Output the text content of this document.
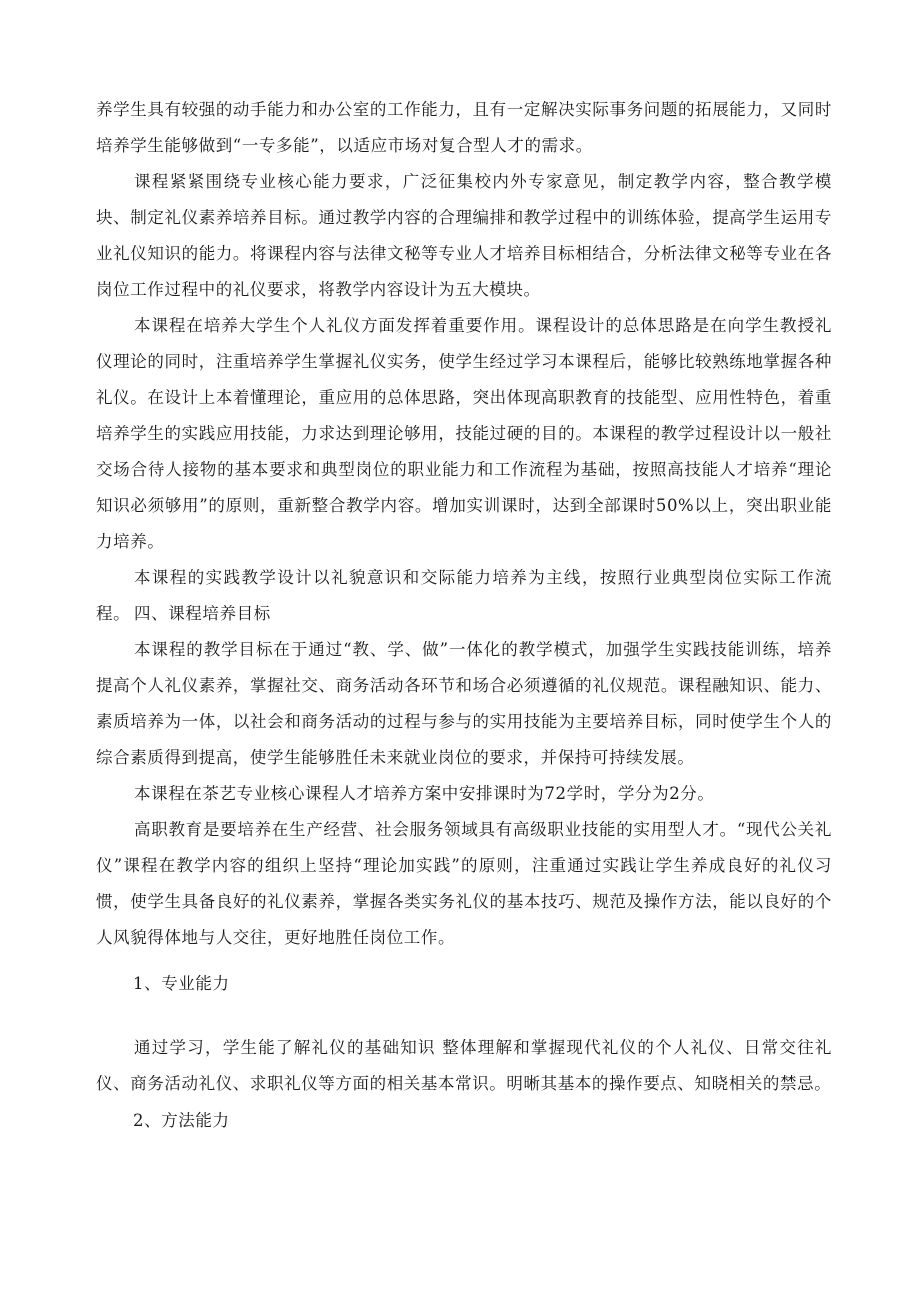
养学生具有较强的动手能力和办公室的工作能力，且有一定解决实际事务问题的拓展能力，又同时培养学生能够做到“一专多能”，以适应市场对复合型人才的需求。

课程紧紧围绕专业核心能力要求，广泛征集校内外专家意见，制定教学内容，整合教学模块、制定礼仪素养培养目标。通过教学内容的合理编排和教学过程中的训练体验，提高学生运用专业礼仪知识的能力。将课程内容与法律文秘等专业人才培养目标相结合，分析法律文秘等专业在各岗位工作过程中的礼仪要求，将教学内容设计为五大模块。

本课程在培养大学生个人礼仪方面发挥着重要作用。课程设计的总体思路是在向学生教授礼仪理论的同时，注重培养学生掌握礼仪实务，使学生经过学习本课程后，能够比较熟练地掌握各种礼仪。在设计上本着懂理论，重应用的总体思路，突出体现高职教育的技能型、应用性特色，着重培养学生的实践应用技能，力求达到理论够用，技能过硬的目的。本课程的教学过程设计以一般社交场合待人接物的基本要求和典型岗位的职业能力和工作流程为基础，按照高技能人才培养“理论知识必须够用”的原则，重新整合教学内容。增加实训课时，达到全部课时50%以上，突出职业能力培养。

本课程的实践教学设计以礼貌意识和交际能力培养为主线，按照行业典型岗位实际工作流程。 四、课程培养目标

本课程的教学目标在于通过“教、学、做”一体化的教学模式，加强学生实践技能训练，培养提高个人礼仪素养，掌握社交、商务活动各环节和场合必须遵循的礼仪规范。课程融知识、能力、素质培养为一体，以社会和商务活动的过程与参与的实用技能为主要培养目标，同时使学生个人的综合素质得到提高，使学生能够胜任未来就业岗位的要求，并保持可持续发展。

本课程在茶艺专业核心课程人才培养方案中安排课时为72学时，学分为2分。

高职教育是要培养在生产经营、社会服务领域具有高级职业技能的实用型人才。“现代公关礼仪”课程在教学内容的组织上坚持“理论加实践”的原则，注重通过实践让学生养成良好的礼仪习惯，使学生具备良好的礼仪素养，掌握各类实务礼仪的基本技巧、规范及操作方法，能以良好的个人风貌得体地与人交往，更好地胜任岗位工作。

1、专业能力

通过学习，学生能了解礼仪的基础知识 整体理解和掌握现代礼仪的个人礼仪、日常交往礼仪、商务活动礼仪、求职礼仪等方面的相关基本常识。明晰其基本的操作要点、知晓相关的禁忌。

2、方法能力
